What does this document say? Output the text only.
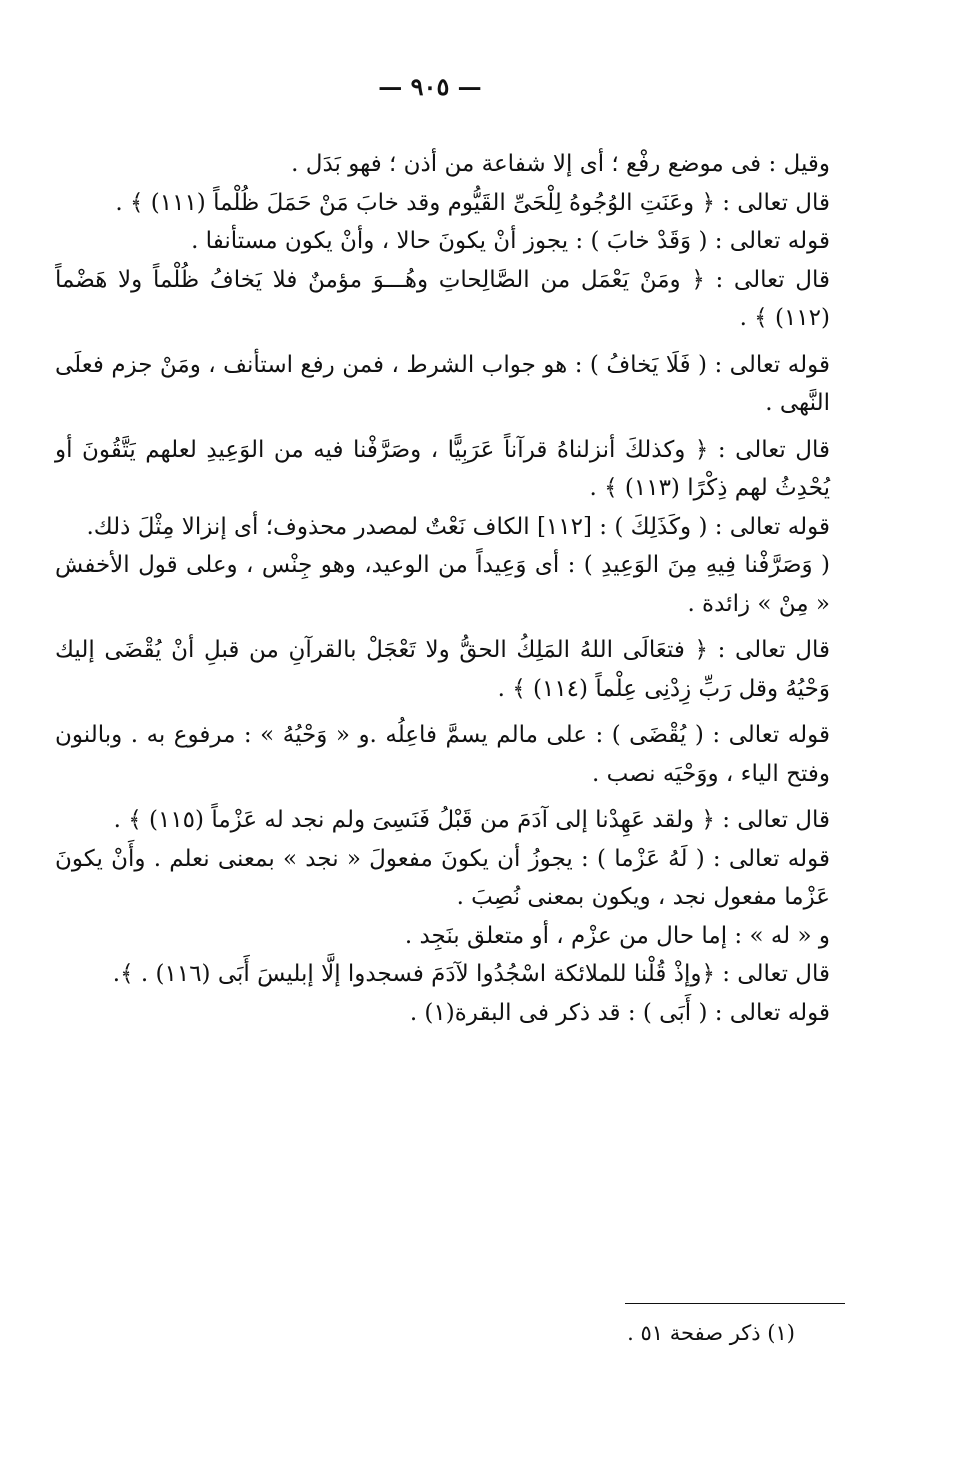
— ٩٠٥ —

وقيل : فى موضع رفْع ؛ أى إلا شفاعة من أذن ؛ فهو بَدَل .

قال تعالى : ﴿ وعَنَتِ الوُجُوهُ لِلْحَىِّ القَيُّوم وقد خابَ مَنْ حَمَلَ ظُلْماً (١١١) ﴾ .

قوله تعالى : ( وَقَدْ خابَ ) : يجوز أنْ يكونَ حالا ، وأنْ يكون مستأنفا .

قال تعالى : ﴿ ومَنْ يَعْمَل من الصَّالِحاتِ وهُـــوَ مؤمنٌ فلا يَخافُ ظُلْماً ولا هَضْماً (١١٢) ﴾ .

قوله تعالى : ( فَلَا يَخافُ ) : هو جواب الشرط ، فمن رفع استأنف ، ومَنْ جزم فعلَى النَّهى .

قال تعالى : ﴿ وكذلكَ أنزلناهُ قرآناً عَرَبِيًّا ، وصَرَّفْنا فيه من الوَعِيدِ لعلهم يَتَّقُونَ أو يُحْدِثُ لهم ذِكْرًا (١١٣) ﴾ .

قوله تعالى : ( وكَذَلِكَ ) : [١١٢] الكاف نَعْتٌ لمصدر محذوف؛ أى إنزالا مِثْلَ ذلك.

( وَصَرَّفْنا فِيهِ مِنَ الوَعِيدِ ) : أى وَعِيداً من الوعيد، وهو جِنْس ، وعلى قول الأخفش « مِنْ » زائدة .

قال تعالى : ﴿ فتعَالَى اللهُ المَلِكُ الحقُّ ولا تَعْجَلْ بالقرآنِ من قبلِ أنْ يُقْضَى إليك وَحْيُهُ وقل رَبِّ زِدْنِى عِلْماً (١١٤) ﴾ .

قوله تعالى : ( يُقْضَى ) : على مالم يسمَّ فاعِلُه .و « وَحْيُهُ » : مرفوع به . وبالنون وفتح الياء ، ووَحْيَه نصب .

قال تعالى : ﴿ ولقد عَهِدْنا إلى آدَمَ من قَبْلُ فَنَسِىَ ولم نجد له عَزْماً (١١٥) ﴾ .

قوله تعالى : ( لَهُ عَزْما ) : يجوزُ أن يكونَ مفعولَ « نجد » بمعنى نعلم . وأَنْ يكونَ عَزْما مفعول نجد ، ويكون بمعنى نُصِبَ .

و « له » : إما حال من عزْم ، أو متعلق بنَجِد .

قال تعالى : ﴿وإذْ قُلْنا للملائكة اسْجُدُوا لآدَمَ فسجدوا إلَّا إبليسَ أَبَى (١١٦) . ﴾.

قوله تعالى : ( أَبَى ) : قد ذكر فى البقرة(١) .

(١) ذكر صفحة ٥١ .
